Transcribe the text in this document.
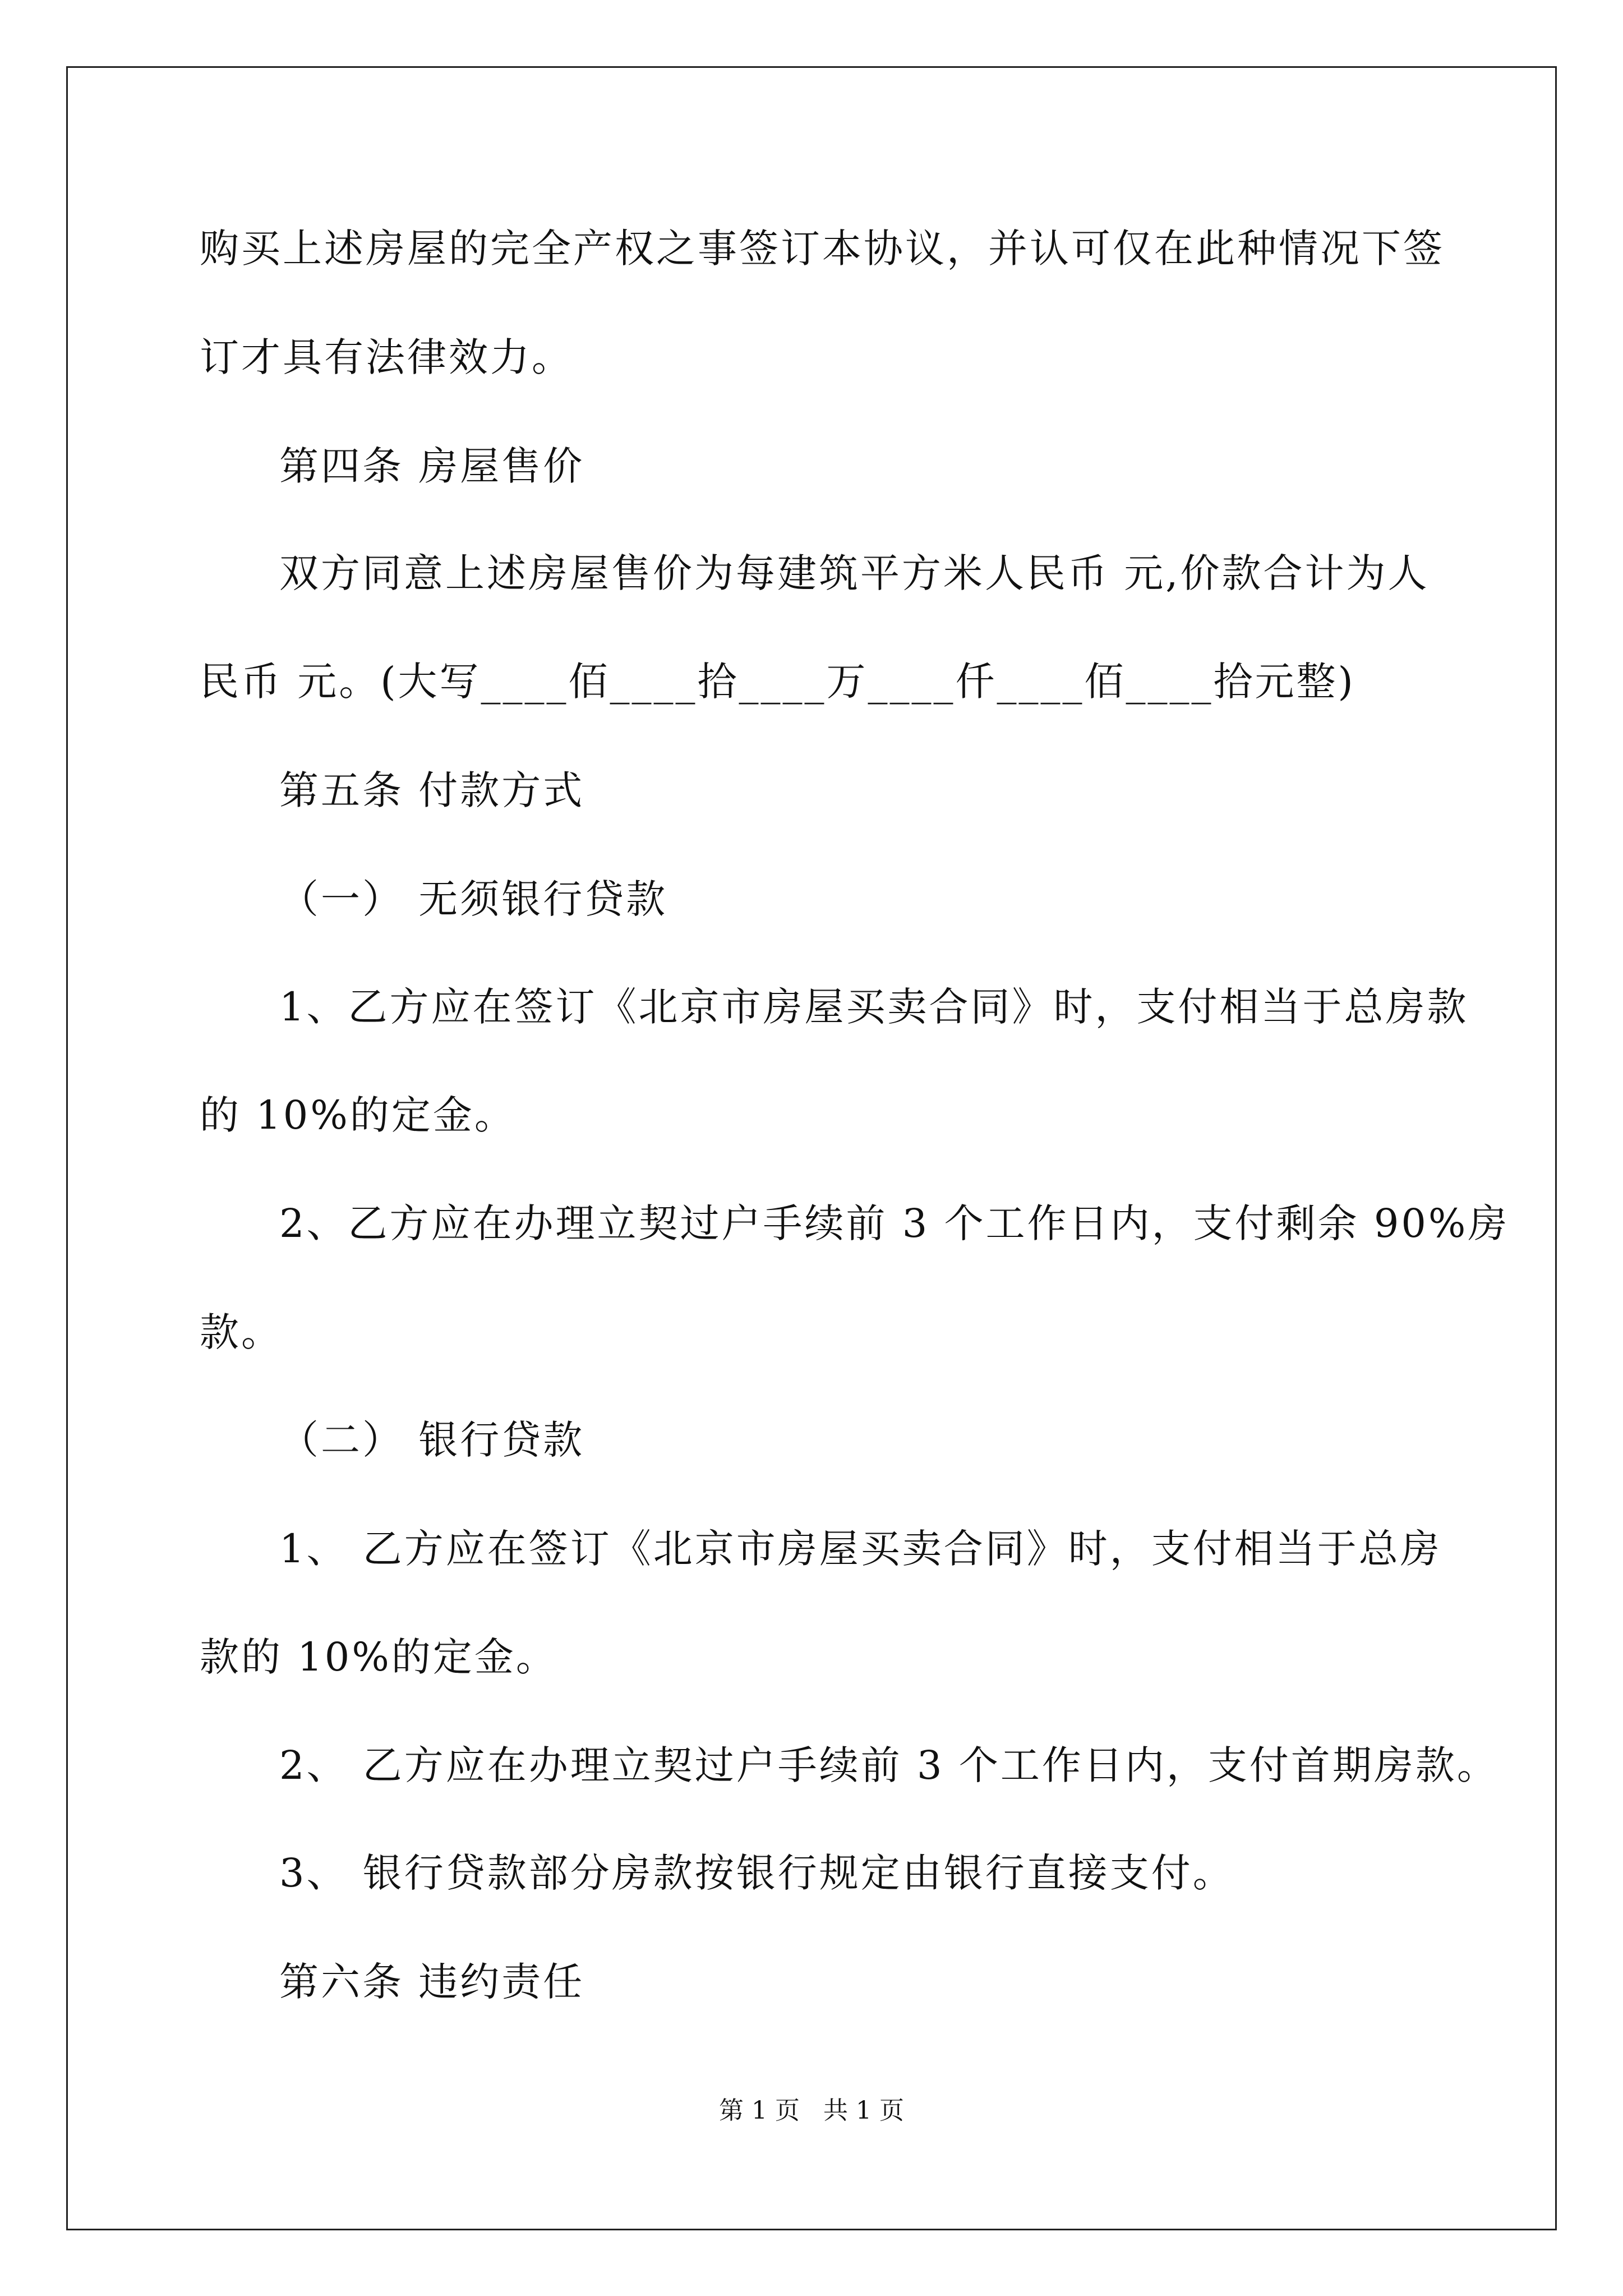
购买上述房屋的完全产权之事签订本协议，并认可仅在此种情况下签
订才具有法律效力。
第四条 房屋售价
双方同意上述房屋售价为每建筑平方米人民币 元,价款合计为人
民币 元。(大写____佰____拾____万____仟____佰____拾元整)
第五条 付款方式
（一） 无须银行贷款
1、乙方应在签订《北京市房屋买卖合同》时，支付相当于总房款
的 10%的定金。
2、乙方应在办理立契过户手续前 3 个工作日内，支付剩余 90%房
款。
（二） 银行贷款
1、 乙方应在签订《北京市房屋买卖合同》时，支付相当于总房
款的 10%的定金。
2、 乙方应在办理立契过户手续前 3 个工作日内，支付首期房款。
3、 银行贷款部分房款按银行规定由银行直接支付。
第六条 违约责任
第 1 页   共 1 页
